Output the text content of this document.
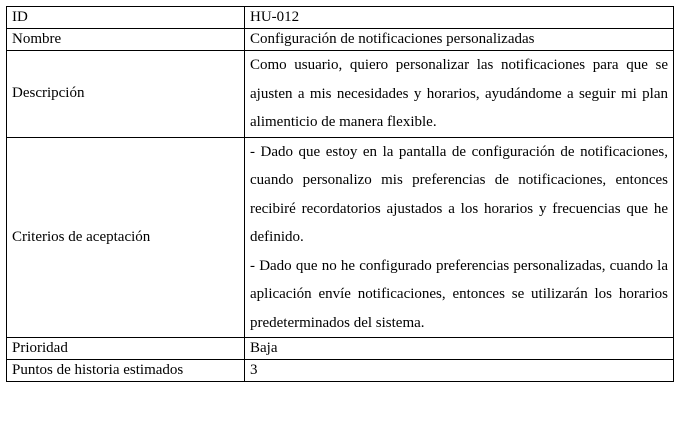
ID	HU-012
Nombre	Configuración de notificaciones personalizadas
Descripción	Como usuario, quiero personalizar las notificaciones para que se ajusten a mis necesidades y horarios, ayudándome a seguir mi plan alimenticio de manera flexible.

Criterios de aceptación	- Dado que estoy en la pantalla de configuración de notificaciones, cuando personalizo mis preferencias de notificaciones, entonces recibiré recordatorios ajustados a los horarios y frecuencias que he definido.
- Dado que no he configurado preferencias personalizadas, cuando la aplicación envíe notificaciones, entonces se utilizarán los horarios predeterminados del sistema.

Prioridad	Baja
Puntos de historia estimados	3
